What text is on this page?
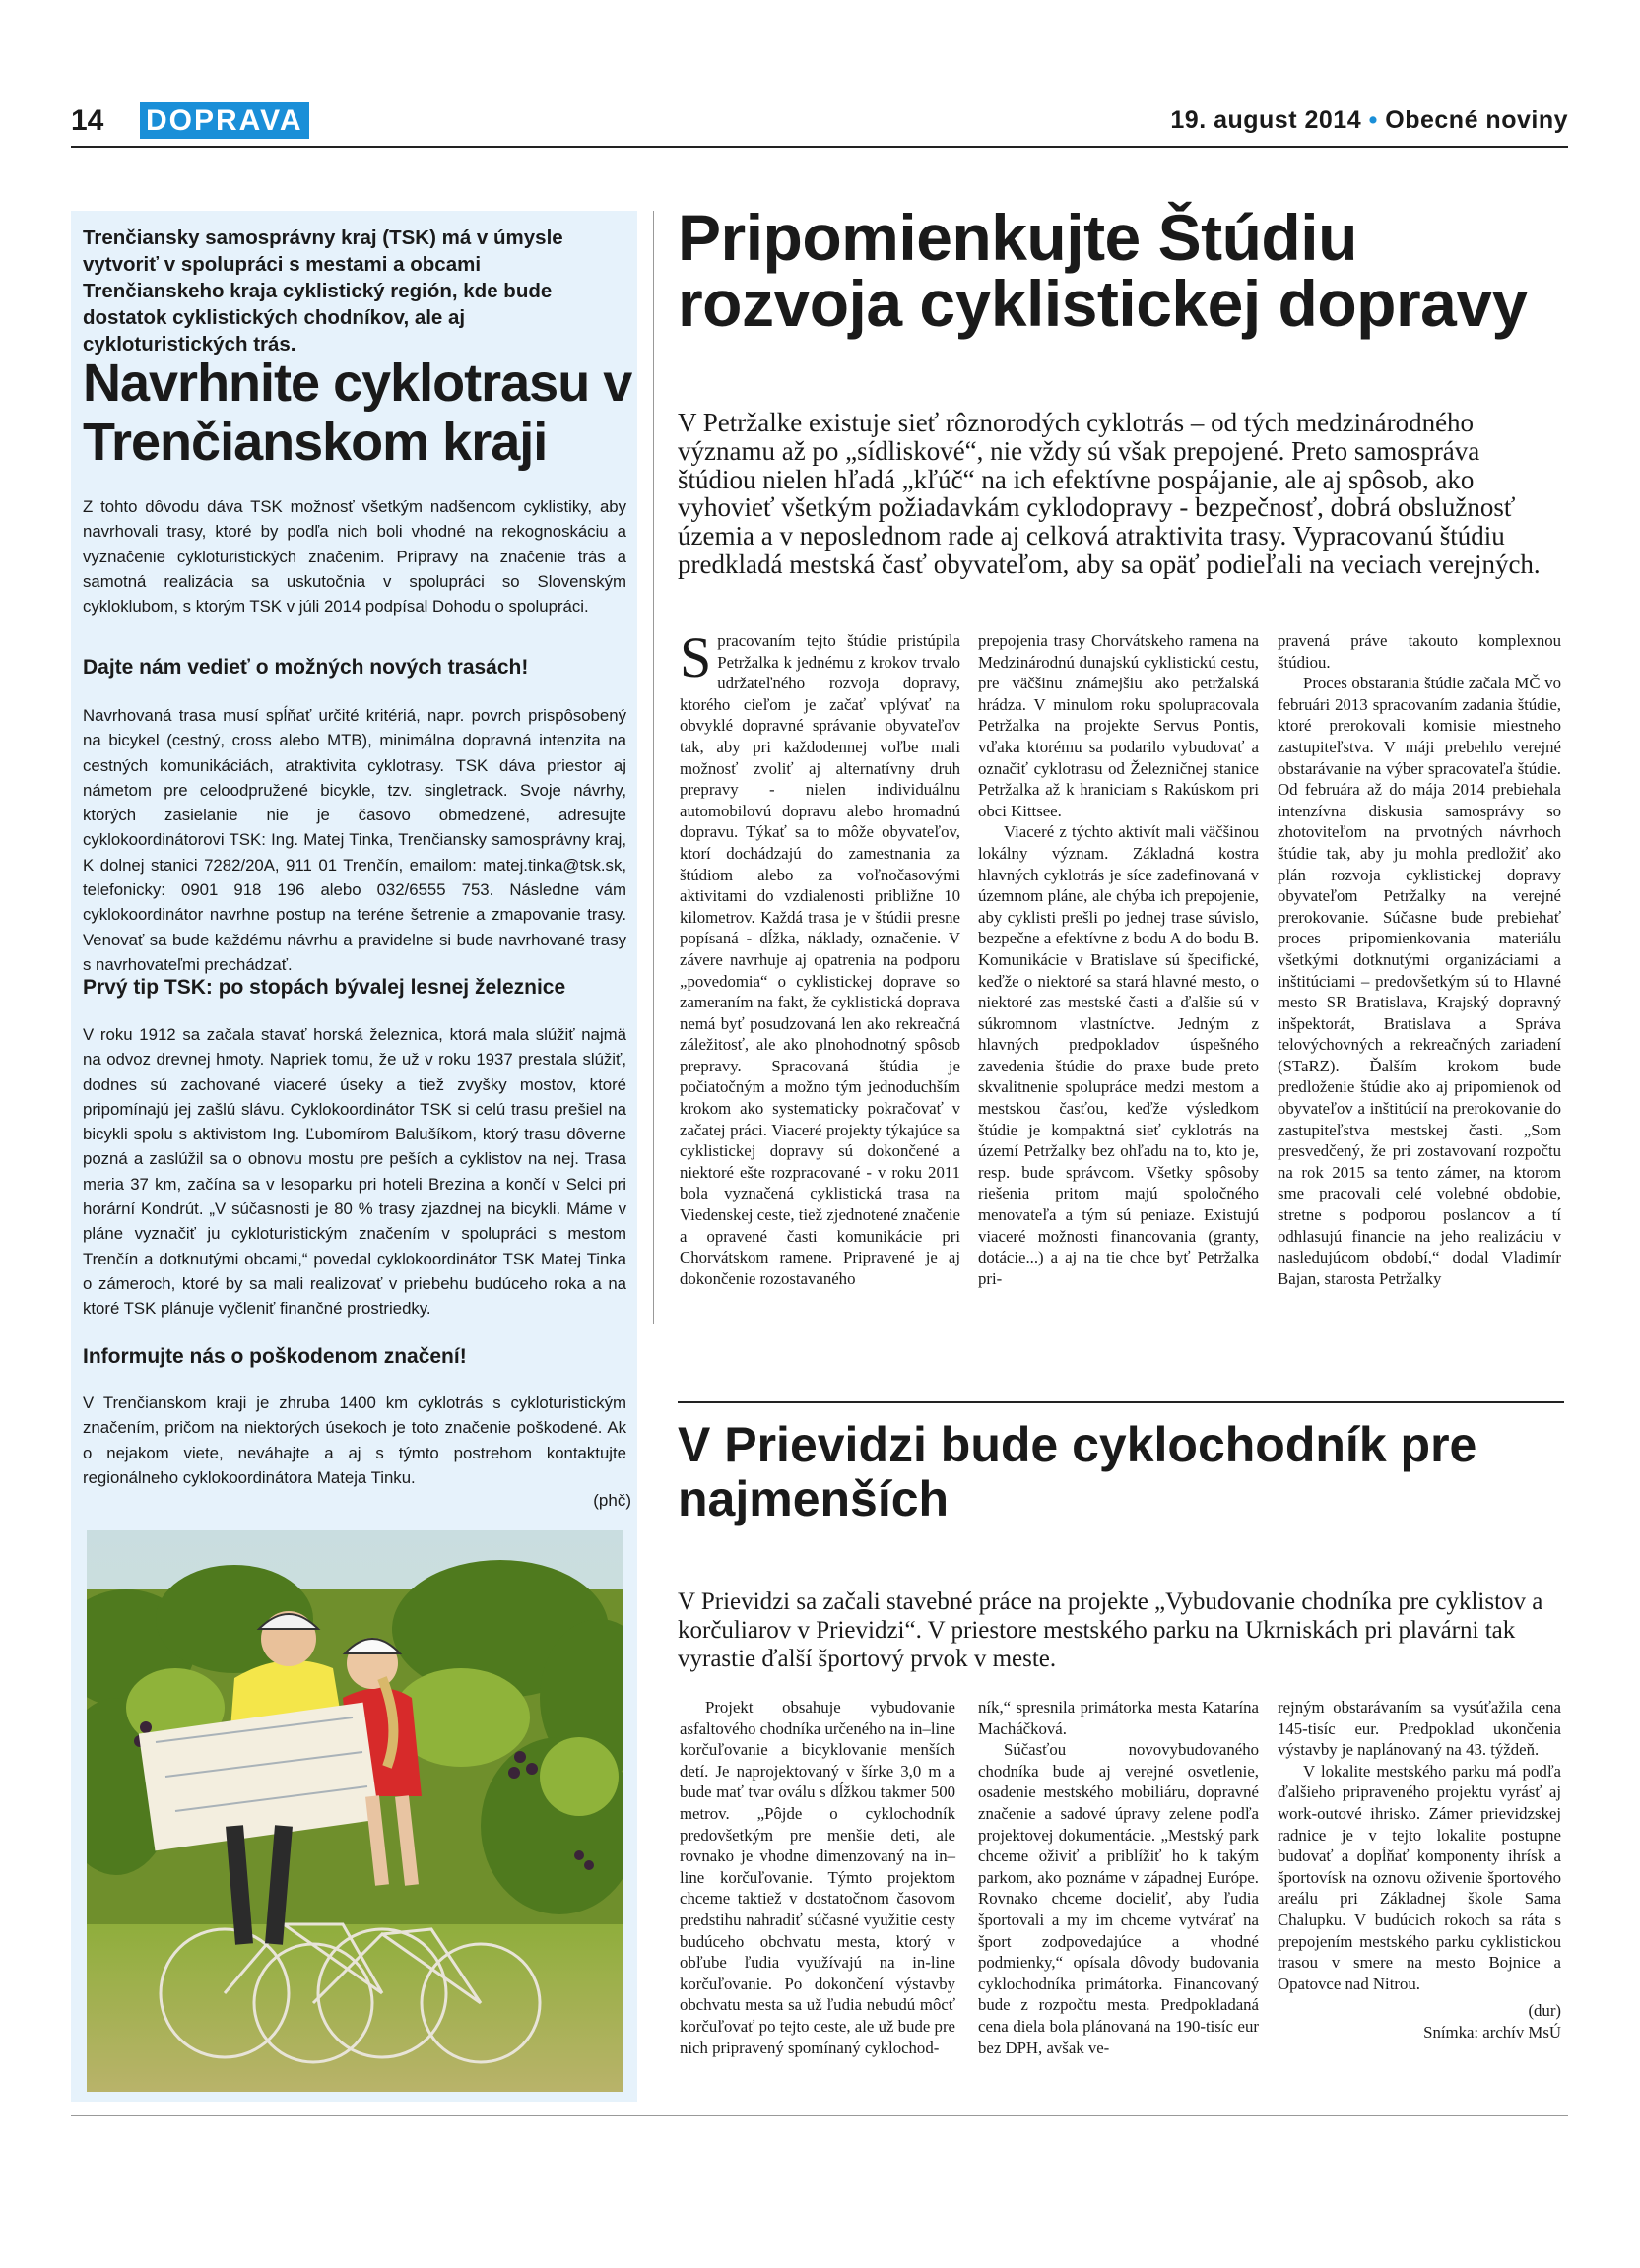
14 DOPRAVA	19. august 2014 • Obecné noviny

Trenčiansky samosprávny kraj (TSK) má v úmysle vytvoriť v spolupráci s mestami a obcami Trenčianskeho kraja cyklistický región, kde bude dostatok cyklistických chodníkov, ale aj cykloturistických trás.

Navrhnite cyklotrasu v Trenčianskom kraji

Z tohto dôvodu dáva TSK možnosť všetkým nadšencom cyklistiky, aby navrhovali trasy, ktoré by podľa nich boli vhodné na rekognoskáciu a vyznačenie cykloturistických značením. Prípravy na značenie trás a samotná realizácia sa uskutočnia v spolupráci so Slovenským cykloklubom, s ktorým TSK v júli 2014 podpísal Dohodu o spolupráci.

Dajte nám vedieť o možných nových trasách!

Navrhovaná trasa musí spĺňať určité kritériá, napr. povrch prispôsobený na bicykel (cestný, cross alebo MTB), minimálna dopravná intenzita na cestných komunikáciách, atraktivita cyklotrasy. TSK dáva priestor aj námetom pre celoodpružené bicykle, tzv. singletrack. Svoje návrhy, ktorých zasielanie nie je časovo obmedzené, adresujte cyklokoordinátorovi TSK: Ing. Matej Tinka, Trenčiansky samosprávny kraj, K dolnej stanici 7282/20A, 911 01 Trenčín, emailom: matej.tinka@tsk.sk, telefonicky: 0901 918 196 alebo 032/6555 753. Následne vám cyklokoordinátor navrhne postup na teréne šetrenie a zmapovanie trasy. Venovať sa bude každému návrhu a pravidelne si bude navrhované trasy s navrhovateľmi prechádzať.

Prvý tip TSK: po stopách bývalej lesnej železnice

V roku 1912 sa začala stavať horská železnica, ktorá mala slúžiť najmä na odvoz drevnej hmoty. Napriek tomu, že už v roku 1937 prestala slúžiť, dodnes sú zachované viaceré úseky a tiež zvyšky mostov, ktoré pripomínajú jej zašlú slávu. Cyklokoordinátor TSK si celú trasu prešiel na bicykli spolu s aktivistom Ing. Ľubomírom Balušíkom, ktorý trasu dôverne pozná a zaslúžil sa o obnovu mostu pre peších a cyklistov na nej. Trasa meria 37 km, začína sa v lesoparku pri hoteli Brezina a končí v Selci pri horární Kondrút. „V súčasnosti je 80 % trasy zjazdnej na bicykli. Máme v pláne vyznačiť ju cykloturistickým značením v spolupráci s mestom Trenčín a dotknutými obcami,“ povedal cyklokoordinátor TSK Matej Tinka o zámeroch, ktoré by sa mali realizovať v priebehu budúceho roka a na ktoré TSK plánuje vyčleniť finančné prostriedky.

Informujte nás o poškodenom značení!

V Trenčianskom kraji je zhruba 1400 km cyklotrás s cykloturistickým značením, pričom na niektorých úsekoch je toto značenie poškodené. Ak o nejakom viete, neváhajte a aj s týmto postrehom kontaktujte regionálneho cyklokoordinátora Mateja Tinku.

(phč)
Pripomienkujte Štúdiu rozvoja cyklistickej dopravy

V Petržalke existuje sieť rôznorodých cyklotrás – od tých medzinárodného významu až po „sídliskové“, nie vždy sú však prepojené. Preto samospráva štúdiou nielen hľadá „kľúč“ na ich efektívne pospájanie, ale aj spôsob, ako vyhovieť všetkým požiadavkám cyklodopravy - bezpečnosť, dobrá obslužnosť územia a v neposlednom rade aj celková atraktivita trasy. Vypracovanú štúdiu predkladá mestská časť obyvateľom, aby sa opäť podieľali na veciach verejných.

Spracovaním tejto štúdie pristúpila Petržalka k jednému z krokov trvalo udržateľného rozvoja dopravy, ktorého cieľom je začať vplývať na obvyklé dopravné správanie obyvateľov tak, aby pri každodennej voľbe mali možnosť zvoliť aj alternatívny druh prepravy - nielen individuálnu automobilovú dopravu alebo hromadnú dopravu. Týkať sa to môže obyvateľov, ktorí dochádzajú do zamestnania za štúdiom alebo za voľnočasovými aktivitami do vzdialenosti približne 10 kilometrov. Každá trasa je v štúdii presne popísaná - dĺžka, náklady, označenie. V závere navrhuje aj opatrenia na podporu „povedomia“ o cyklistickej doprave so zameraním na fakt, že cyklistická doprava nemá byť posudzovaná len ako rekreačná záležitosť, ale ako plnohodnotný spôsob prepravy. Spracovaná štúdia je počiatočným a možno tým jednoduchším krokom ako systematicky pokračovať v začatej práci. Viaceré projekty týkajúce sa cyklistickej dopravy sú dokončené a niektoré ešte rozpracované - v roku 2011 bola vyznačená cyklistická trasa na Viedenskej ceste, tiež zjednotené značenie a opravené časti komunikácie pri Chorvátskom ramene. Pripravené je aj dokončenie rozostavaného

prepojenia trasy Chorvátskeho ramena na Medzinárodnú dunajskú cyklistickú cestu, pre väčšinu známejšiu ako petržalská hrádza. V minulom roku spolupracovala Petržalka na projekte Servus Pontis, vďaka ktorému sa podarilo vybudovať a označiť cyklotrasu od Železničnej stanice Petržalka až k hraniciam s Rakúskom pri obci Kittsee.

Viaceré z týchto aktivít mali väčšinou lokálny význam. Základná kostra hlavných cyklotrás je síce zadefinovaná v územnom pláne, ale chýba ich prepojenie, aby cyklisti prešli po jednej trase súvislo, bezpečne a efektívne z bodu A do bodu B. Komunikácie v Bratislave sú špecifické, keďže o niektoré sa stará hlavné mesto, o niektoré zas mestské časti a ďalšie sú v súkromnom vlastníctve. Jedným z hlavných predpokladov úspešného zavedenia štúdie do praxe bude preto skvalitnenie spolupráce medzi mestom a mestskou časťou, keďže výsledkom štúdie je kompaktná sieť cyklotrás na území Petržalky bez ohľadu na to, kto je, resp. bude správcom. Všetky spôsoby riešenia pritom majú spoločného menovateľa a tým sú peniaze. Existujú viaceré možnosti financovania (granty, dotácie...) a aj na tie chce byť Petržalka pri-

pravená práve takouto komplexnou štúdiou.

Proces obstarania štúdie začala MČ vo februári 2013 spracovaním zadania štúdie, ktoré prerokovali komisie miestneho zastupiteľstva. V máji prebehlo verejné obstarávanie na výber spracovateľa štúdie. Od februára až do mája 2014 prebiehala intenzívna diskusia samosprávy so zhotoviteľom na prvotných návrhoch štúdie tak, aby ju mohla predložiť ako plán rozvoja cyklistickej dopravy obyvateľom Petržalky na verejné prerokovanie. Súčasne bude prebiehať proces pripomienkovania materiálu všetkými dotknutými organizáciami a inštitúciami – predovšetkým sú to Hlavné mesto SR Bratislava, Krajský dopravný inšpektorát, Bratislava a Správa telovýchovných a rekreačných zariadení (STaRZ). Ďalším krokom bude predloženie štúdie ako aj pripomienok od obyvateľov a inštitúcií na prerokovanie do zastupiteľstva mestskej časti. „Som presvedčený, že pri zostavovaní rozpočtu na rok 2015 sa tento zámer, na ktorom sme pracovali celé volebné obdobie, stretne s podporou poslancov a tí odhlasujú financie na jeho realizáciu v nasledujúcom období,“ dodal Vladimír Bajan, starosta Petržalky

V Prievidzi bude cyklochodník pre najmenších

V Prievidzi sa začali stavebné práce na projekte „Vybudovanie chodníka pre cyklistov a korčuliarov v Prievidzi“. V priestore mestského parku na Ukrniskách pri plavárni tak vyrastie ďalší športový prvok v meste.

Projekt obsahuje vybudovanie asfaltového chodníka určeného na in–line korčuľovanie a bicyklovanie menších detí. Je naprojektovaný v šírke 3,0 m a bude mať tvar oválu s dĺžkou takmer 500 metrov. „Pôjde o cyklochodník predovšetkým pre menšie deti, ale rovnako je vhodne dimenzovaný na in–line korčuľovanie. Týmto projektom chceme taktiež v dostatočnom časovom predstihu nahradiť súčasné využitie cesty budúceho obchvatu mesta, ktorý v obľube ľudia využívajú na in-line korčuľovanie. Po dokončení výstavby obchvatu mesta sa už ľudia nebudú môcť korčuľovať po tejto ceste, ale už bude pre nich pripravený spomínaný cyklochod-

ník,“ spresnila primátorka mesta Katarína Macháčková.

Súčasťou novovybudovaného chodníka bude aj verejné osvetlenie, osadenie mestského mobiliáru, dopravné značenie a sadové úpravy zelene podľa projektovej dokumentácie. „Mestský park chceme oživiť a priblížiť ho k takým parkom, ako poznáme v západnej Európe. Rovnako chceme docieliť, aby ľudia športovali a my im chceme vytvárať na šport zodpovedajúce a vhodné podmienky,“ opísala dôvody budovania cyklochodníka primátorka. Financovaný bude z rozpočtu mesta. Predpokladaná cena diela bola plánovaná na 190-tisíc eur bez DPH, avšak ve-

rejným obstarávaním sa vysúťažila cena 145-tisíc eur. Predpoklad ukončenia výstavby je naplánovaný na 43. týždeň.

V lokalite mestského parku má podľa ďalšieho pripraveného projektu vyrásť aj work-outové ihrisko. Zámer prievidzskej radnice je v tejto lokalite postupne budovať a dopĺňať komponenty ihrísk a športovísk na oznovu oživenie športového areálu pri Základnej škole Sama Chalupku. V budúcich rokoch sa ráta s prepojením mestského parku cyklistickou trasou v smere na mesto Bojnice a Opatovce nad Nitrou.

(dur)

Snímka: archív MsÚ
